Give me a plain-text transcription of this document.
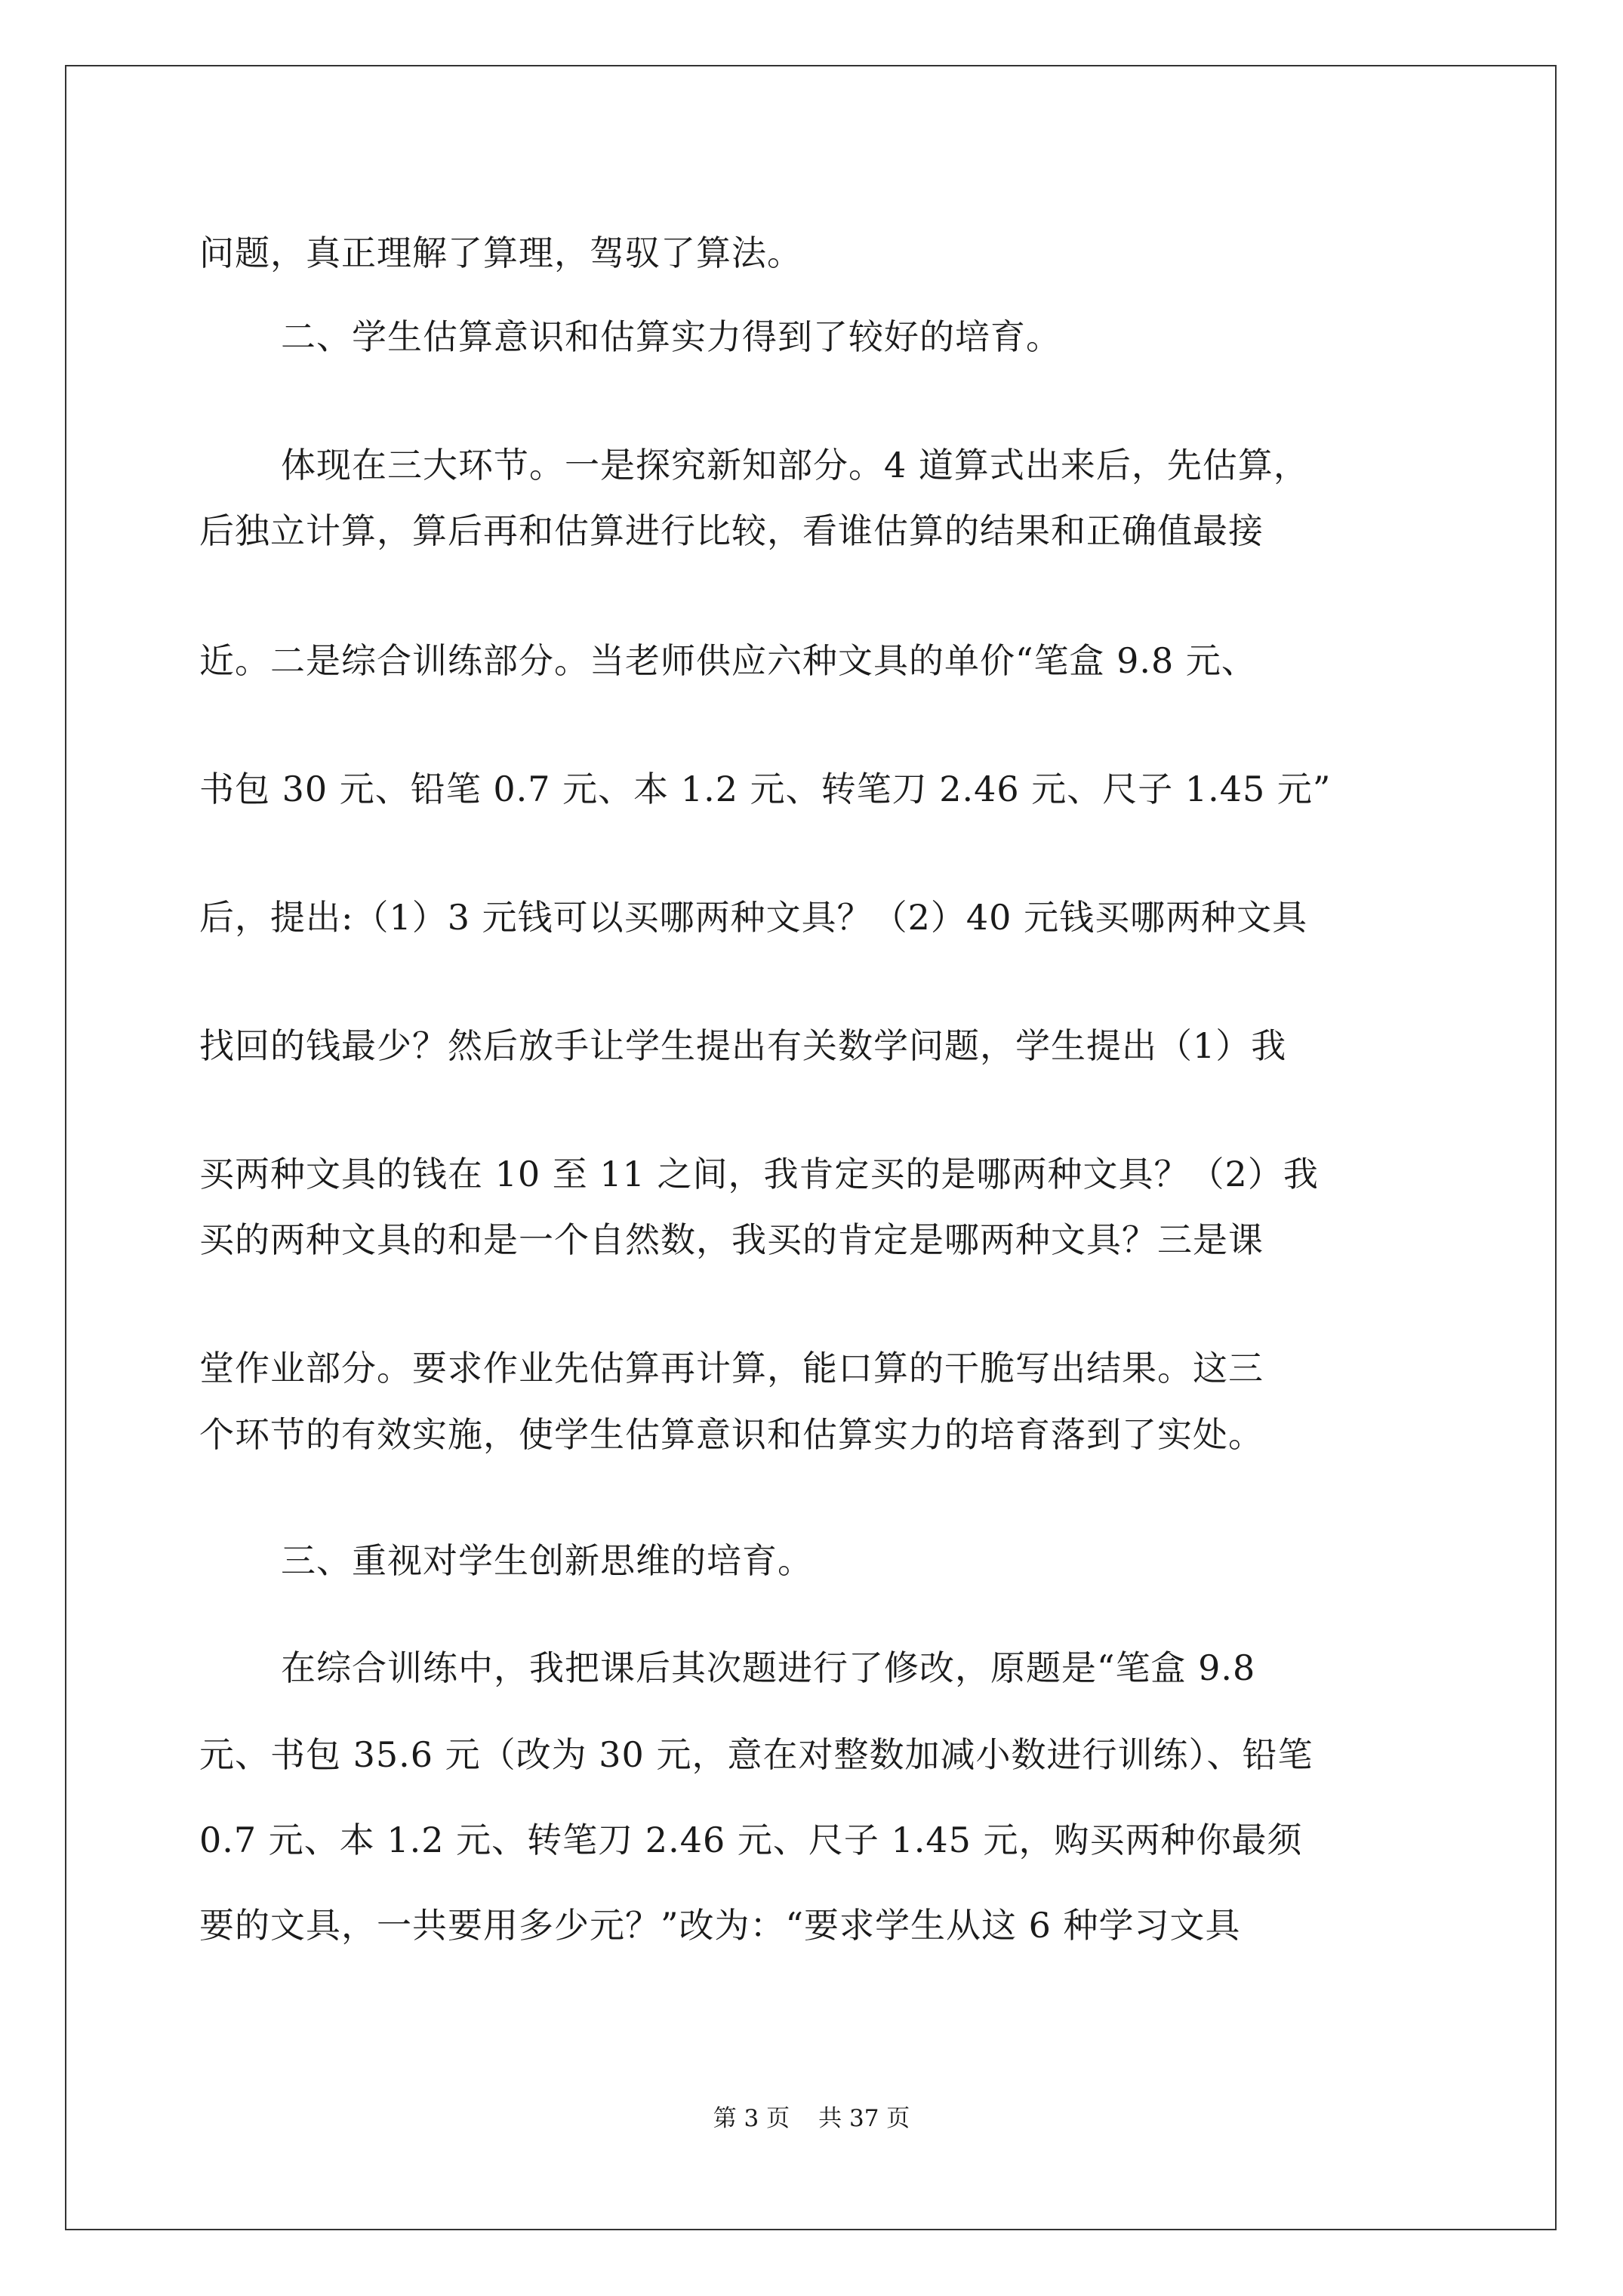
问题，真正理解了算理，驾驭了算法。
二、学生估算意识和估算实力得到了较好的培育。
体现在三大环节。一是探究新知部分。4 道算式出来后，先估算，
后独立计算，算后再和估算进行比较，看谁估算的结果和正确值最接
近。二是综合训练部分。当老师供应六种文具的单价“笔盒 9.8 元、
书包 30 元、铅笔 0.7 元、本 1.2 元、转笔刀 2.46 元、尺子 1.45 元”
后，提出:（1）3 元钱可以买哪两种文具？（2）40 元钱买哪两种文具
找回的钱最少？然后放手让学生提出有关数学问题，学生提出（1）我
买两种文具的钱在 10 至 11 之间，我肯定买的是哪两种文具？（2）我
买的两种文具的和是一个自然数，我买的肯定是哪两种文具？三是课
堂作业部分。要求作业先估算再计算，能口算的干脆写出结果。这三
个环节的有效实施，使学生估算意识和估算实力的培育落到了实处。
三、重视对学生创新思维的培育。
在综合训练中，我把课后其次题进行了修改，原题是“笔盒 9.8
元、书包 35.6 元（改为 30 元，意在对整数加减小数进行训练）、铅笔
0.7 元、本 1.2 元、转笔刀 2.46 元、尺子 1.45 元，购买两种你最须
要的文具，一共要用多少元？”改为：“要求学生从这 6 种学习文具
第 3 页 共 37 页
